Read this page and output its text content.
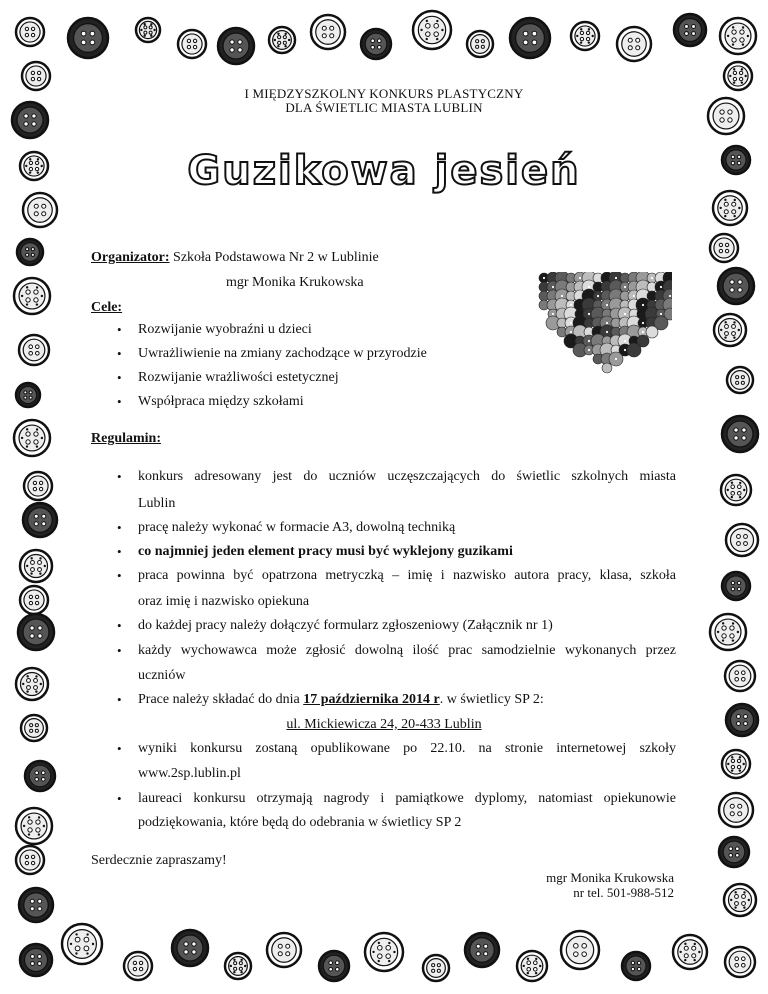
I MIĘDZYSZKOLNY KONKURS PLASTYCZNY
DLA ŚWIETLIC MIASTA LUBLIN
Guzikowa jesień
Organizator: Szkoła Podstawowa Nr 2 w Lublinie
mgr Monika Krukowska
Cele:
• Rozwijanie wyobraźni u dzieci
• Uwrażliwienie na zmiany zachodzące w przyrodzie
• Rozwijanie wrażliwości estetycznej
• Współpraca między szkołami
Regulamin:
• konkurs adresowany jest do uczniów uczęszczających do świetlic szkolnych miasta
Lublin
• pracę należy wykonać w formacie A3, dowolną techniką
• co najmniej jeden element pracy musi być wyklejony guzikami
• praca powinna być opatrzona metryczką – imię i nazwisko autora pracy, klasa, szkoła
oraz imię i nazwisko opiekuna
• do każdej pracy należy dołączyć formularz zgłoszeniowy (Załącznik nr 1)
• każdy wychowawca może zgłosić dowolną ilość prac samodzielnie wykonanych przez
uczniów
• Prace należy składać do dnia 17 października 2014 r. w świetlicy SP 2:
ul. Mickiewicza 24, 20-433 Lublin
• wyniki konkursu zostaną opublikowane po 22.10. na stronie internetowej szkoły
www.2sp.lublin.pl
• laureaci konkursu otrzymają nagrody i pamiątkowe dyplomy, natomiast opiekunowie
podziękowania, które będą do odebrania w świetlicy SP 2
Serdecznie zapraszamy!
mgr Monika Krukowska
nr tel. 501-988-512
